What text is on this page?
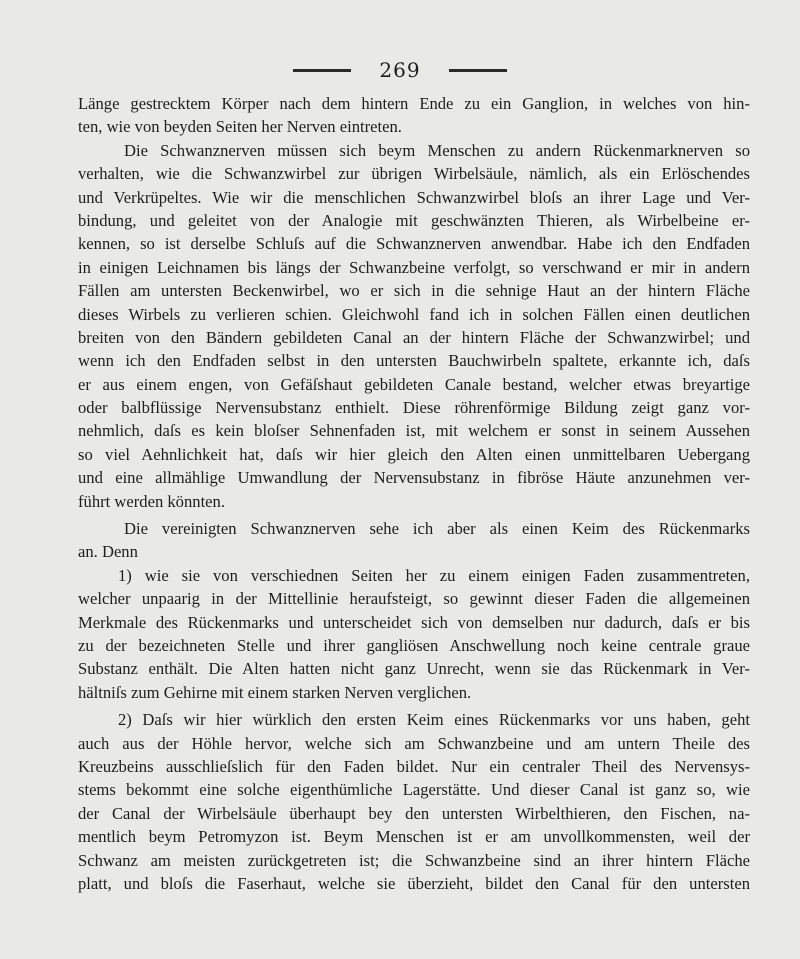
269
Länge gestrecktem Körper nach dem hintern Ende zu ein Ganglion, in welches von hin-
ten, wie von beyden Seiten her Nerven eintreten.
Die Schwanznerven müssen sich beym Menschen zu andern Rückenmarknerven so
verhalten, wie die Schwanzwirbel zur übrigen Wirbelsäule, nämlich, als ein Erlöschendes
und Verkrüpeltes. Wie wir die menschlichen Schwanzwirbel bloſs an ihrer Lage und Ver-
bindung, und geleitet von der Analogie mit geschwänzten Thieren, als Wirbelbeine er-
kennen, so ist derselbe Schluſs auf die Schwanznerven anwendbar. Habe ich den Endfaden
in einigen Leichnamen bis längs der Schwanzbeine verfolgt, so verschwand er mir in andern
Fällen am untersten Beckenwirbel, wo er sich in die sehnige Haut an der hintern Fläche
dieses Wirbels zu verlieren schien. Gleichwohl fand ich in solchen Fällen einen deutlichen
breiten von den Bändern gebildeten Canal an der hintern Fläche der Schwanzwirbel; und
wenn ich den Endfaden selbst in den untersten Bauchwirbeln spaltete, erkannte ich, daſs
er aus einem engen, von Gefäſshaut gebildeten Canale bestand, welcher etwas breyartige
oder balbflüssige Nervensubstanz enthielt. Diese röhrenförmige Bildung zeigt ganz vor-
nehmlich, daſs es kein bloſser Sehnenfaden ist, mit welchem er sonst in seinem Aussehen
so viel Aehnlichkeit hat, daſs wir hier gleich den Alten einen unmittelbaren Uebergang
und eine allmählige Umwandlung der Nervensubstanz in fibröse Häute anzunehmen ver-
führt werden könnten.
Die vereinigten Schwanznerven sehe ich aber als einen Keim des Rückenmarks
an. Denn
1) wie sie von verschiednen Seiten her zu einem einigen Faden zusammentreten,
welcher unpaarig in der Mittellinie heraufsteigt, so gewinnt dieser Faden die allgemeinen
Merkmale des Rückenmarks und unterscheidet sich von demselben nur dadurch, daſs er bis
zu der bezeichneten Stelle und ihrer gangliösen Anschwellung noch keine centrale graue
Substanz enthält. Die Alten hatten nicht ganz Unrecht, wenn sie das Rückenmark in Ver-
hältniſs zum Gehirne mit einem starken Nerven verglichen.
2) Daſs wir hier würklich den ersten Keim eines Rückenmarks vor uns haben, geht
auch aus der Höhle hervor, welche sich am Schwanzbeine und am untern Theile des
Kreuzbeins ausschlieſslich für den Faden bildet. Nur ein centraler Theil des Nervensys-
stems bekommt eine solche eigenthümliche Lagerstätte. Und dieser Canal ist ganz so, wie
der Canal der Wirbelsäule überhaupt bey den untersten Wirbelthieren, den Fischen, na-
mentlich beym Petromyzon ist. Beym Menschen ist er am unvollkommensten, weil der
Schwanz am meisten zurückgetreten ist; die Schwanzbeine sind an ihrer hintern Fläche
platt, und bloſs die Faserhaut, welche sie überzieht, bildet den Canal für den untersten
